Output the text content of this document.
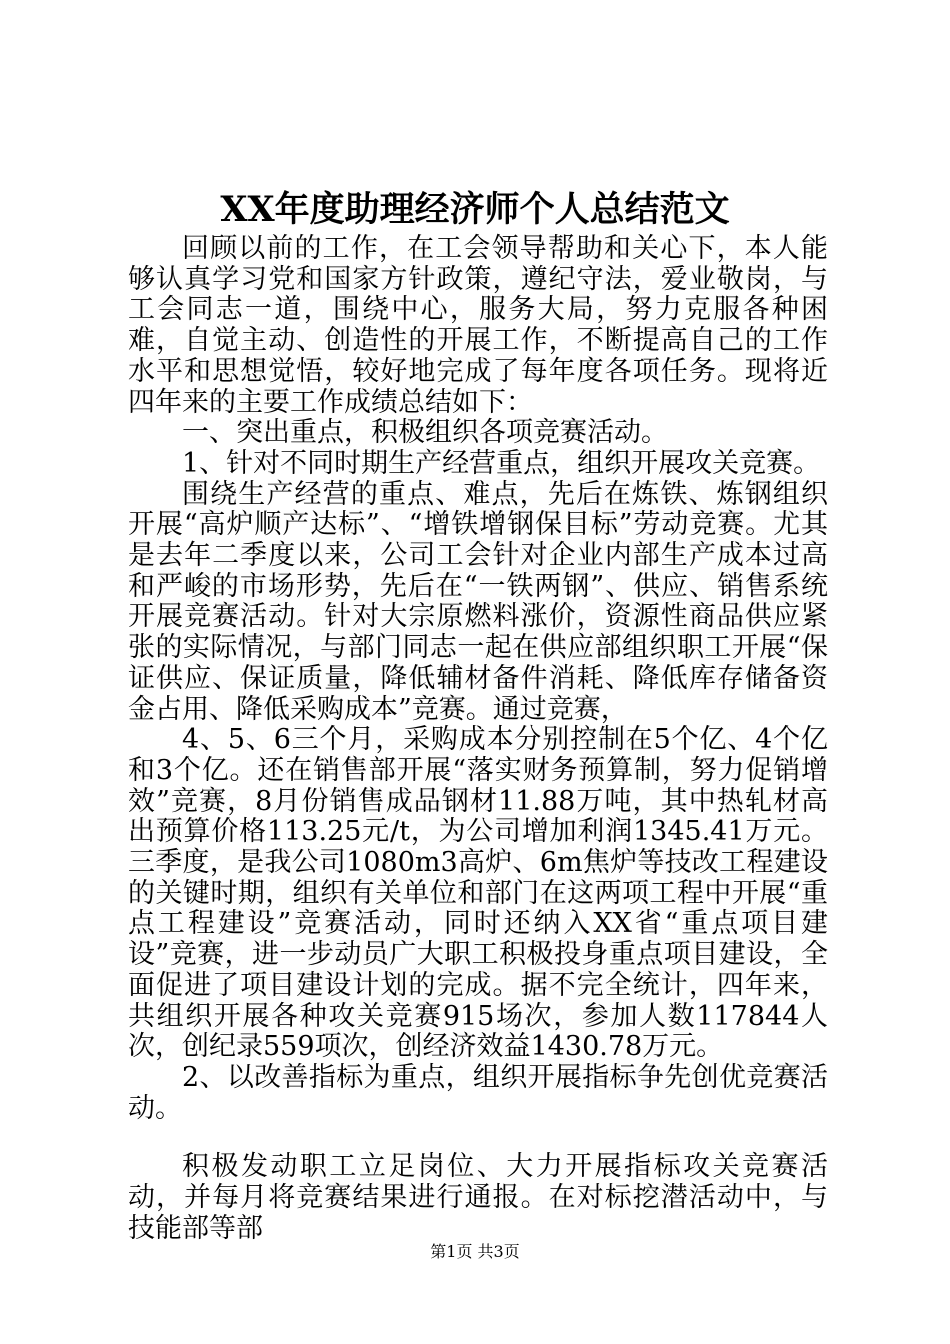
XX年度助理经济师个人总结范文

回顾以前的工作，在工会领导帮助和关心下，本人能够认真学习党和国家方针政策，遵纪守法，爱业敬岗，与工会同志一道，围绕中心，服务大局，努力克服各种困难，自觉主动、创造性的开展工作，不断提高自己的工作水平和思想觉悟，较好地完成了每年度各项任务。现将近四年来的主要工作成绩总结如下：

一、突出重点，积极组织各项竞赛活动。

1、针对不同时期生产经营重点，组织开展攻关竞赛。

围绕生产经营的重点、难点，先后在炼铁、炼钢组织开展“高炉顺产达标”、“增铁增钢保目标”劳动竞赛。尤其是去年二季度以来，公司工会针对企业内部生产成本过高和严峻的市场形势，先后在“一铁两钢”、供应、销售系统开展竞赛活动。针对大宗原燃料涨价，资源性商品供应紧张的实际情况，与部门同志一起在供应部组织职工开展“保证供应、保证质量，降低辅材备件消耗、降低库存储备资金占用、降低采购成本”竞赛。通过竞赛，

4、5、6三个月，采购成本分别控制在5个亿、4个亿和3个亿。还在销售部开展“落实财务预算制，努力促销增效”竞赛，8月份销售成品钢材11.88万吨，其中热轧材高出预算价格113.25元/t，为公司增加利润1345.41万元。三季度，是我公司1080m3高炉、6m焦炉等技改工程建设的关键时期，组织有关单位和部门在这两项工程中开展“重点工程建设”竞赛活动，同时还纳入XX省“重点项目建设”竞赛，进一步动员广大职工积极投身重点项目建设，全面促进了项目建设计划的完成。据不完全统计，四年来，共组织开展各种攻关竞赛915场次，参加人数117844人次，创纪录559项次，创经济效益1430.78万元。

2、以改善指标为重点，组织开展指标争先创优竞赛活动。

积极发动职工立足岗位、大力开展指标攻关竞赛活动，并每月将竞赛结果进行通报。在对标挖潜活动中，与技能部等部

第1页 共3页
